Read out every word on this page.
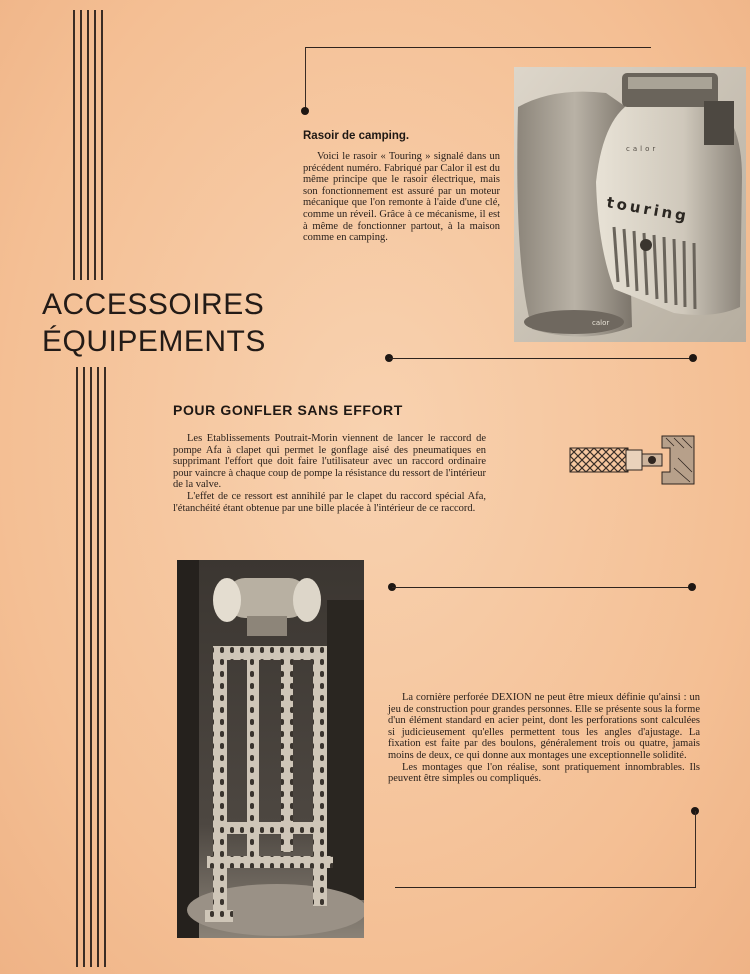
ACCESSOIRES
ÉQUIPEMENTS
Rasoir de camping.

Voici le rasoir « Touring » signalé dans un précédent numéro. Fabriqué par Calor il est du même principe que le rasoir électrique, mais son fonctionnement est assuré par un moteur mécanique que l'on remonte à l'aide d'une clé, comme un réveil. Grâce à ce mécanisme, il est à même de fonctionner partout, à la maison comme en camping.

calor
calor
touring
POUR GONFLER SANS EFFORT

Les Etablissements Poutrait-Morin viennent de lancer le raccord de pompe Afa à clapet qui permet le gonflage aisé des pneumatiques en supprimant l'effort que doit faire l'utilisateur avec un raccord ordinaire pour vaincre à chaque coup de pompe la résistance du ressort de l'intérieur de la valve.

L'effet de ce ressort est annihilé par le clapet du raccord spécial Afa, l'étanchéité étant obtenue par une bille placée à l'intérieur de ce raccord.

La cornière perforée DEXION ne peut être mieux définie qu'ainsi : un jeu de construction pour grandes personnes. Elle se présente sous la forme d'un élément standard en acier peint, dont les perforations sont calculées si judicieusement qu'elles permettent tous les angles d'ajustage. La fixation est faite par des boulons, généralement trois ou quatre, jamais moins de deux, ce qui donne aux montages une exceptionnelle solidité.

Les montages que l'on réalise, sont pratiquement innombrables. Ils peuvent être simples ou compliqués.
